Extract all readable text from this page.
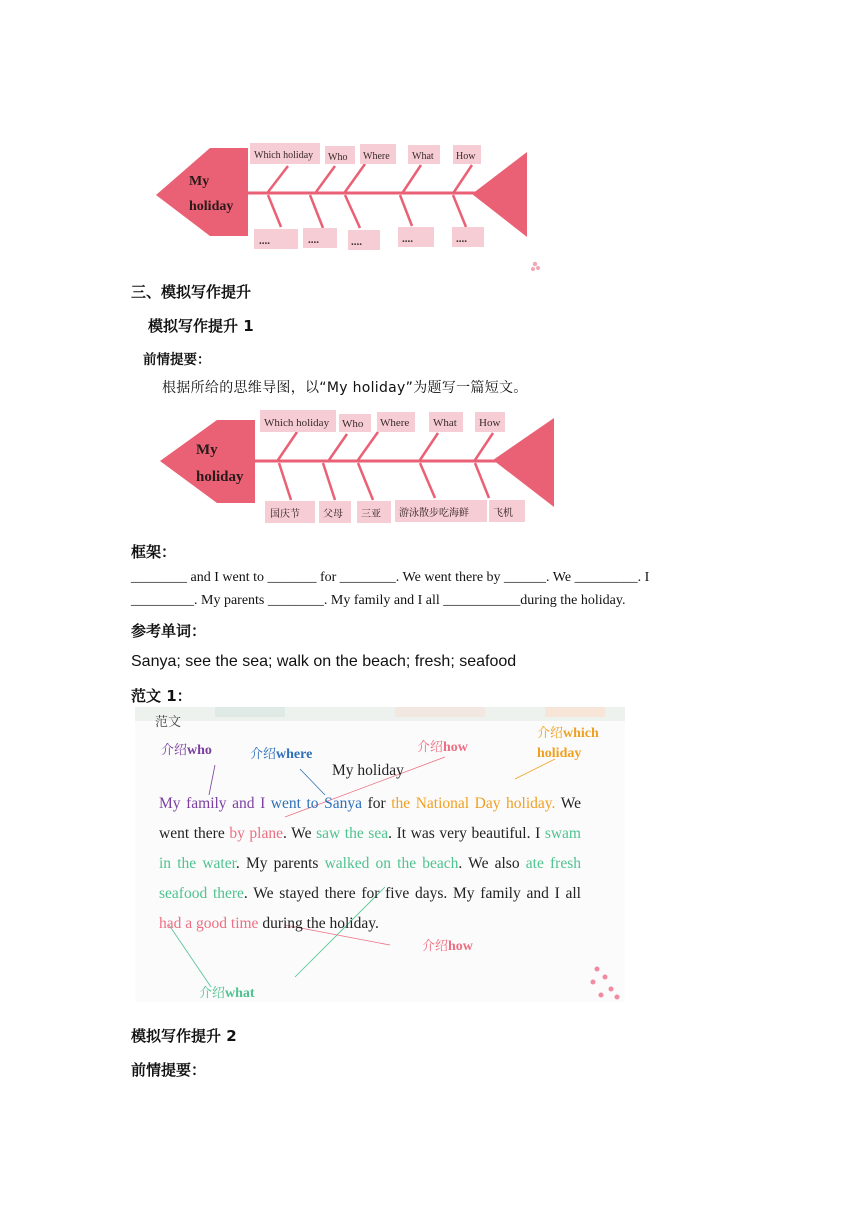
Which holiday Who Where What How
....	....	....	....	....
My
holiday
三、模拟写作提升
模拟写作提升 1
前情提要：
根据所给的思维导图，以“My holiday”为题写一篇短文。
Which holiday Who Where What How
国庆节 父母 三亚 游泳散步吃海鲜 飞机
My
holiday
框架：
________ and I went to _______ for ________. We went there by ______. We _________. I
_________. My parents ________. My family and I all ___________during the holiday.
参考单词：
Sanya; see the sea; walk on the beach; fresh; seafood
范文 1：
范文
介绍who	介绍where	介绍how
介绍which
holiday
介绍how
介绍what
My holiday
My family and I went to Sanya for the National Day holiday. We went there by plane. We saw the sea. It was very beautiful. I swam in the water. My parents walked on the beach. We also ate fresh seafood there. We stayed there for five days. My family and I all had a good time during the holiday.
模拟写作提升 2
前情提要：
